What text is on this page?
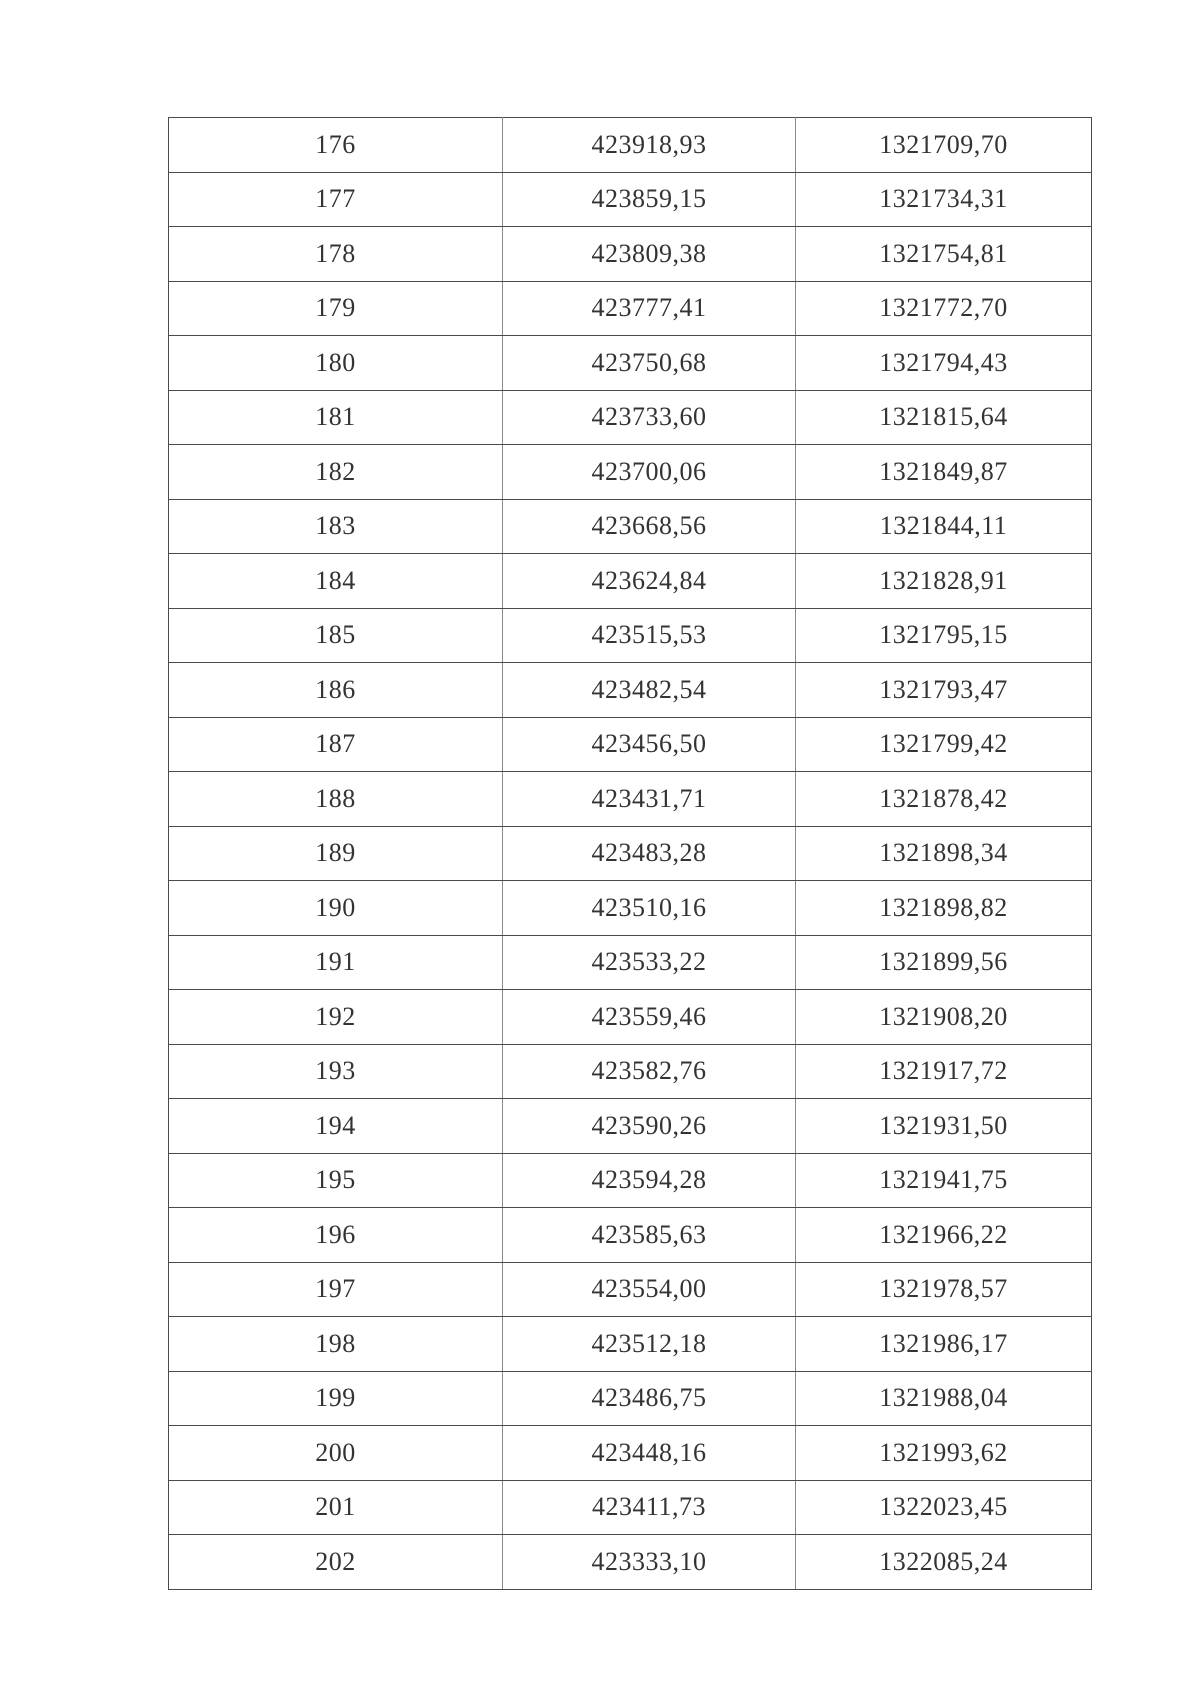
176	423918,93	1321709,70
177	423859,15	1321734,31
178	423809,38	1321754,81
179	423777,41	1321772,70
180	423750,68	1321794,43
181	423733,60	1321815,64
182	423700,06	1321849,87
183	423668,56	1321844,11
184	423624,84	1321828,91
185	423515,53	1321795,15
186	423482,54	1321793,47
187	423456,50	1321799,42
188	423431,71	1321878,42
189	423483,28	1321898,34
190	423510,16	1321898,82
191	423533,22	1321899,56
192	423559,46	1321908,20
193	423582,76	1321917,72
194	423590,26	1321931,50
195	423594,28	1321941,75
196	423585,63	1321966,22
197	423554,00	1321978,57
198	423512,18	1321986,17
199	423486,75	1321988,04
200	423448,16	1321993,62
201	423411,73	1322023,45
202	423333,10	1322085,24
